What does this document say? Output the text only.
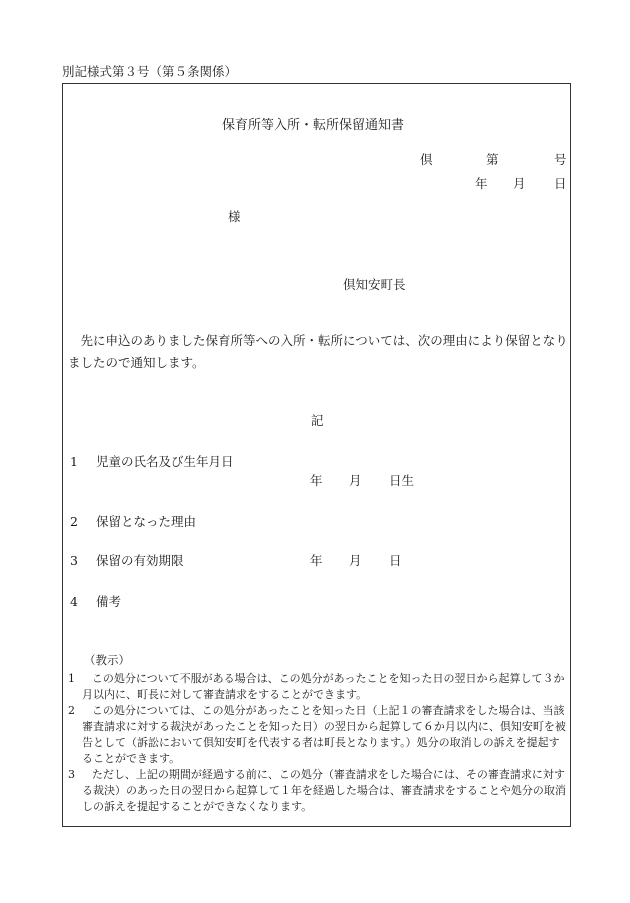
別記様式第３号（第５条関係）
保育所等入所・転所保留通知書
倶	第	号
年 月 日
様
倶知安町長
先に申込のありました保育所等への入所・転所については、次の理由により保留となりましたので通知します。
記
1 児童の氏名及び生年月日
年 月 日生
2 保留となった理由
3 保留の有効期限	年 月 日
4 備考
（教示）
1	この処分について不服がある場合は、この処分があったことを知った日の翌日から起算して３か月以内に、町長に対して審査請求をすることができます。
2	この処分については、この処分があったことを知った日（上記１の審査請求をした場合は、当該審査請求に対する裁決があったことを知った日）の翌日から起算して６か月以内に、倶知安町を被告として（訴訟において倶知安町を代表する者は町長となります。）処分の取消しの訴えを提起することができます。
3	ただし、上記の期間が経過する前に、この処分（審査請求をした場合には、その審査請求に対する裁決）のあった日の翌日から起算して１年を経過した場合は、審査請求をすることや処分の取消しの訴えを提起することができなくなります。
